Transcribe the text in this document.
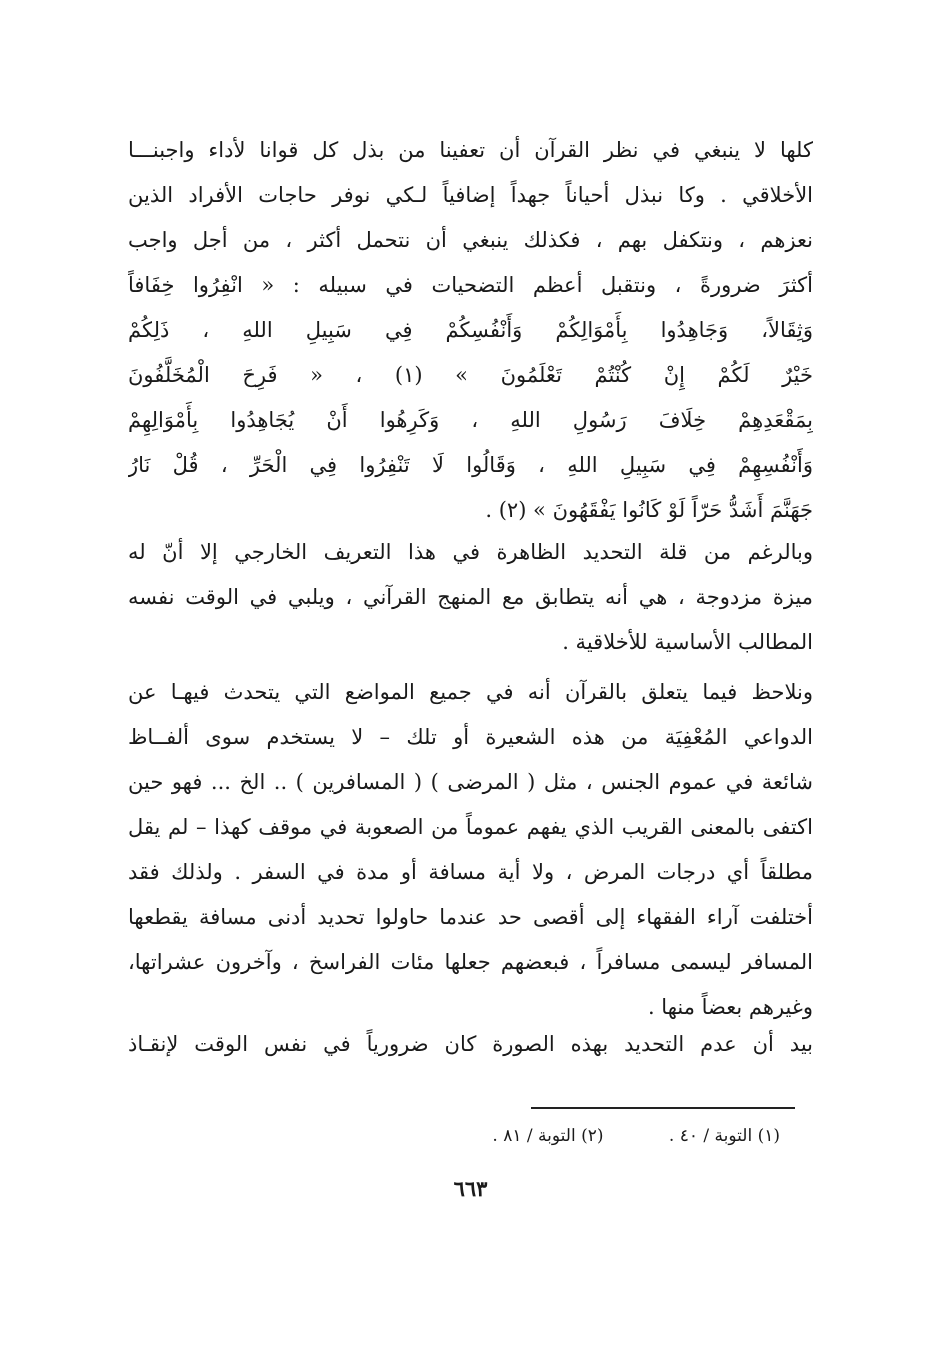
كلها لا ينبغي في نظر القرآن أن تعفينا من بذل كل قوانا لأداء واجبنـــا
الأخلاقي . وكا نبذل أحياناً جهداً إضافياً لـكي نوفر حاجات الأفراد الذين
نعزهم ، ونتكفل بهم ، فكذلك ينبغي أن نتحمل أكثر ، من أجل واجب
أكثرَ ضرورةً ، ونتقبل أعظم التضحيات في سبيله : « انْفِرُوا خِفَافاً
وَثِقَالاً، وَجَاهِدُوا بِأَمْوَالِكُمْ وَأَنْفُسِكُمْ فِي سَبِيلِ اللهِ ، ذَلِكُمْ
خَيْرٌ لَكُمْ إِنْ كُنْتُمْ تَعْلَمُونَ » (١) ، « فَرِحَ الْمُخَلَّفُونَ
بِمَقْعَدِهِمْ خِلَافَ رَسُولِ اللهِ ، وَكَرِهُوا أَنْ يُجَاهِدُوا بِأَمْوَالِهِمْ
وَأَنْفُسِهِمْ فِي سَبِيلِ اللهِ ، وَقَالُوا لَا تَنْفِرُوا فِي الْحَرِّ ، قُلْ نَارُ
جَهَنَّمَ أَشَدُّ حَرّاً لَوْ كَانُوا يَفْقَهُونَ » (٢) .
وبالرغم من قلة التحديد الظاهرة في هذا التعريف الخارجي إلا أنّ له
ميزة مزدوجة ، هي أنه يتطابق مع المنهج القرآني ، ويلبي في الوقت نفسه
المطالب الأساسية للأخلاقية .
ونلاحظ فيما يتعلق بالقرآن أنه في جميع المواضع التي يتحدث فيهـا عن
الدواعي المُعْفِيَة من هذه الشعيرة أو تلك – لا يستخدم سوى ألفــاظ
شائعة في عموم الجنس ، مثل ( المرضى ) ( المسافرين ) .. الخ ... فهو حين
اكتفى بالمعنى القريب الذي يفهم عموماً من الصعوبة في موقف كهذا – لم يقل
مطلقاً أي درجات المرض ، ولا أية مسافة أو مدة في السفر . ولذلك فقد
أختلفت آراء الفقهاء إلى أقصى حد عندما حاولوا تحديد أدنى مسافة يقطعها
المسافر ليسمى مسافراً ، فبعضهم جعلها مئات الفراسخ ، وآخرون عشراتها،
وغيرهم بعضاً منها .
بيد أن عدم التحديد بهذه الصورة كان ضرورياً في نفس الوقت لإنقـاذ
(١) التوبة / ٤٠ . (٢) التوبة / ٨١ .
٦٦٣
